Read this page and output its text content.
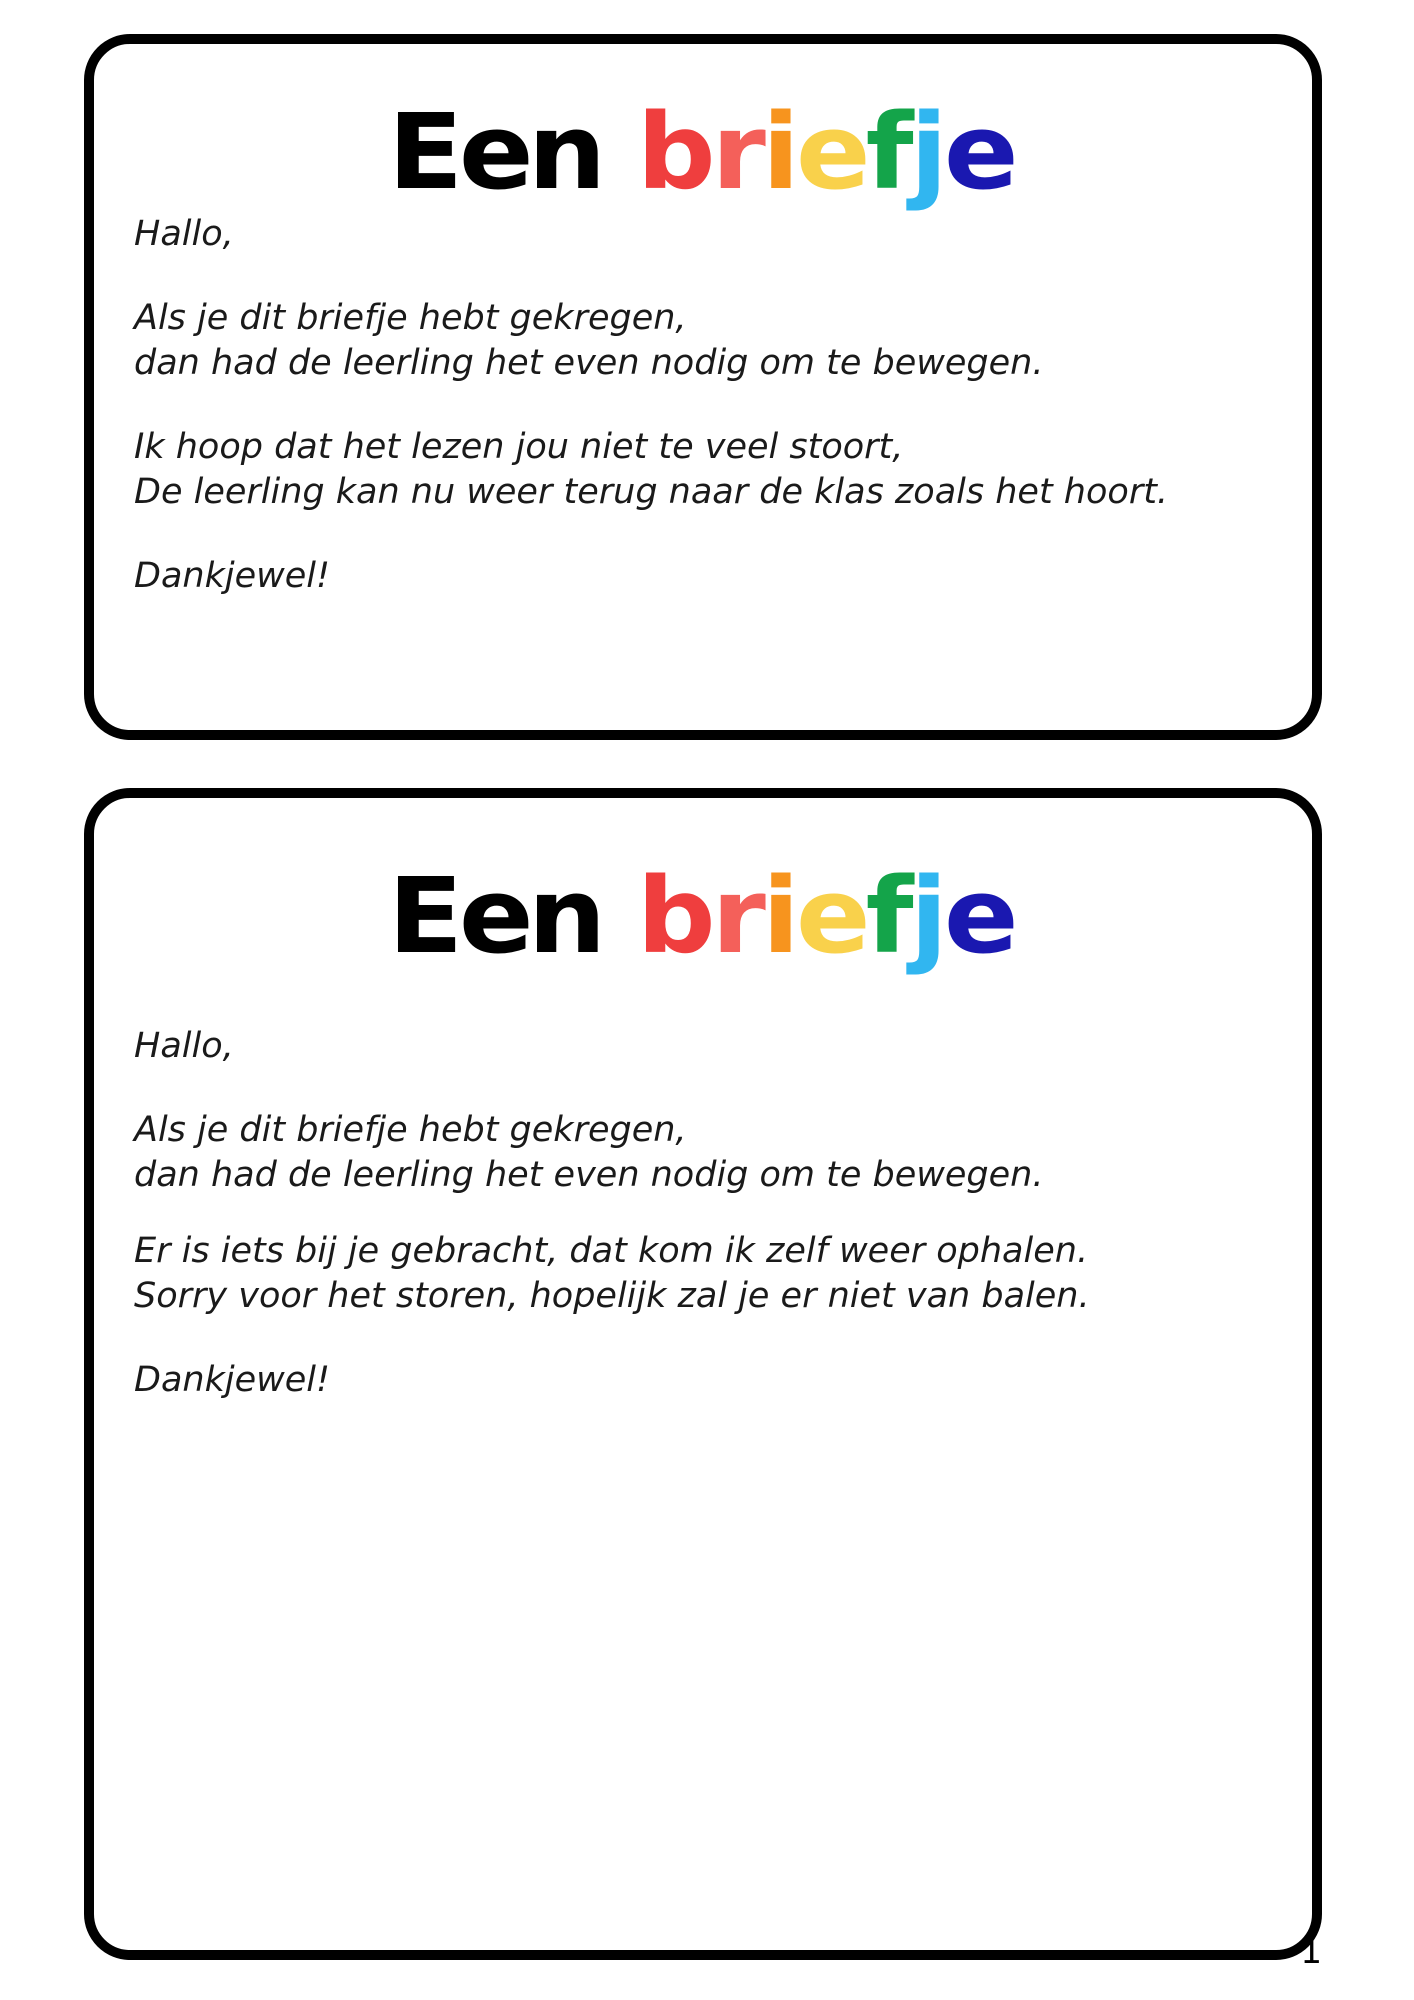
Een briefje

Hallo,

Als je dit briefje hebt gekregen,

dan had de leerling het even nodig om te bewegen.

Ik hoop dat het lezen jou niet te veel stoort,

De leerling kan nu weer terug naar de klas zoals het hoort.

Dankjewel!

Een briefje

Hallo,

Als je dit briefje hebt gekregen,

dan had de leerling het even nodig om te bewegen.

Er is iets bij je gebracht, dat kom ik zelf weer ophalen.

Sorry voor het storen, hopelijk zal je er niet van balen.

Dankjewel!

1
